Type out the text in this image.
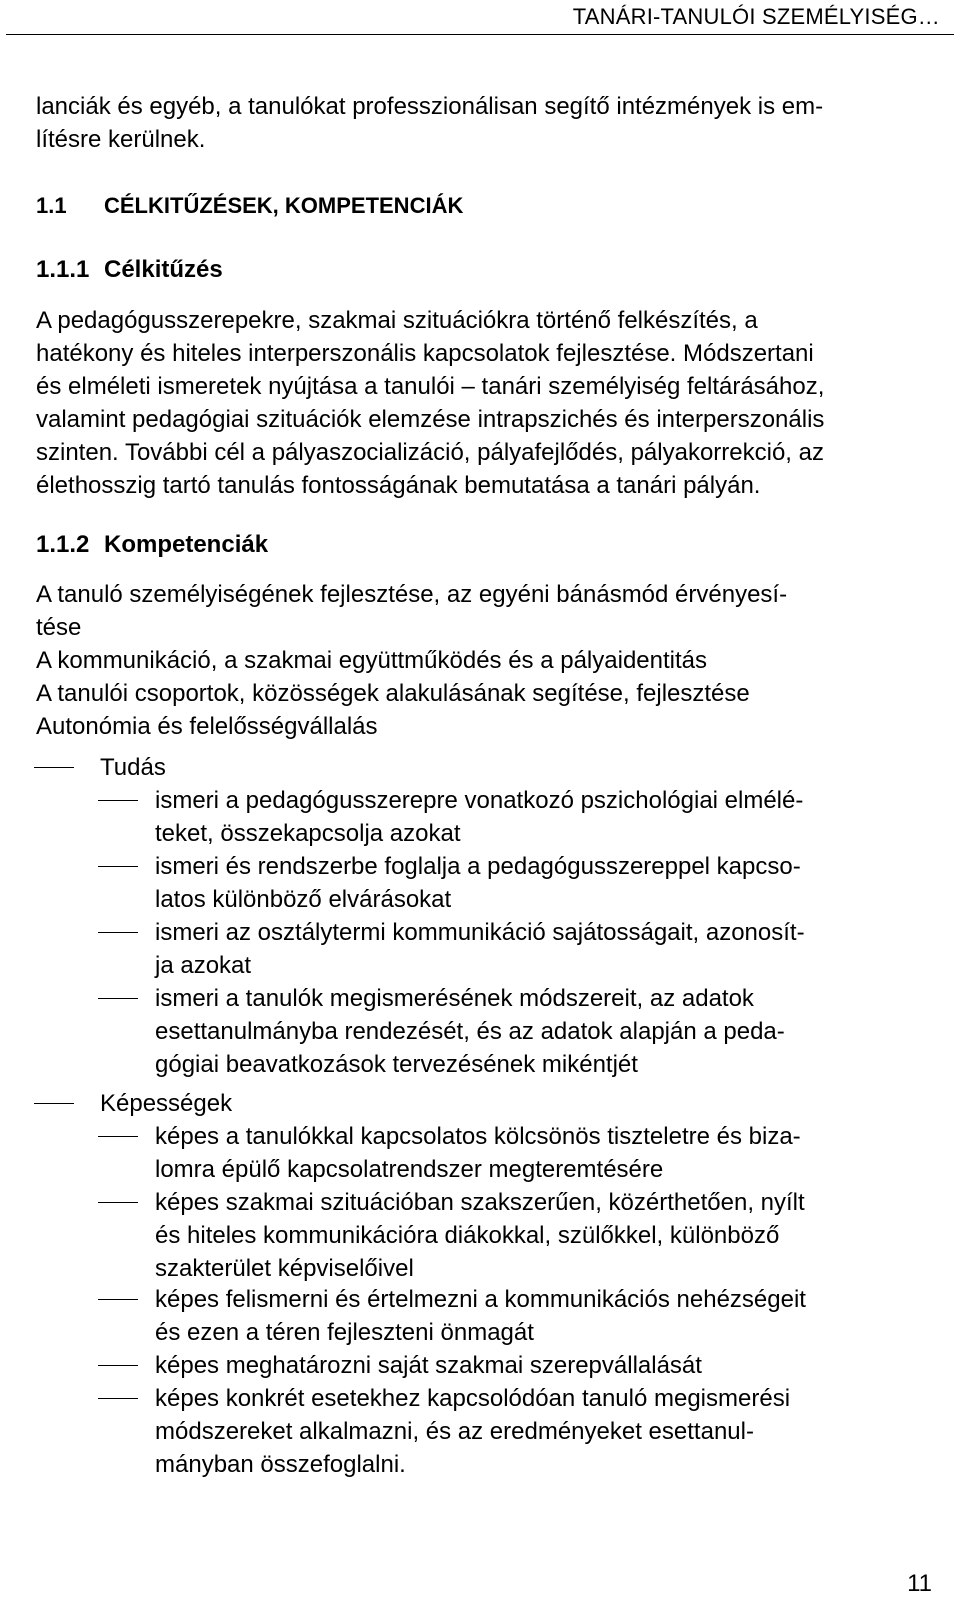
TANÁRI-TANULÓI SZEMÉLYISÉG…
lanciák és egyéb, a tanulókat professzionálisan segítő intézmények is em-
lítésre kerülnek.
1.1 CÉLKITŰZÉSEK, KOMPETENCIÁK
1.1.1 Célkitűzés
A pedagógusszerepekre, szakmai szituációkra történő felkészítés, a
hatékony és hiteles interperszonális kapcsolatok fejlesztése. Módszertani
és elméleti ismeretek nyújtása a tanulói – tanári személyiség feltárásához,
valamint pedagógiai szituációk elemzése intrapszichés és interperszonális
szinten. További cél a pályaszocializáció, pályafejlődés, pályakorrekció, az
élethosszig tartó tanulás fontosságának bemutatása a tanári pályán.
1.1.2 Kompetenciák
A tanuló személyiségének fejlesztése, az egyéni bánásmód érvényesí-
tése
A kommunikáció, a szakmai együttműködés és a pályaidentitás
A tanulói csoportok, közösségek alakulásának segítése, fejlesztése
Autonómia és felelősségvállalás
Tudás
ismeri a pedagógusszerepre vonatkozó pszichológiai elmélé-
teket, összekapcsolja azokat
ismeri és rendszerbe foglalja a pedagógusszereppel kapcso-
latos különböző elvárásokat
ismeri az osztálytermi kommunikáció sajátosságait, azonosít-
ja azokat
ismeri a tanulók megismerésének módszereit, az adatok
esettanulmányba rendezését, és az adatok alapján a peda-
gógiai beavatkozások tervezésének mikéntjét
Képességek
képes a tanulókkal kapcsolatos kölcsönös tiszteletre és biza-
lomra épülő kapcsolatrendszer megteremtésére
képes szakmai szituációban szakszerűen, közérthetően, nyílt
és hiteles kommunikációra diákokkal, szülőkkel, különböző
szakterület képviselőivel
képes felismerni és értelmezni a kommunikációs nehézségeit
és ezen a téren fejleszteni önmagát
képes meghatározni saját szakmai szerepvállalását
képes konkrét esetekhez kapcsolódóan tanuló megismerési
módszereket alkalmazni, és az eredményeket esettanul-
mányban összefoglalni.
11
